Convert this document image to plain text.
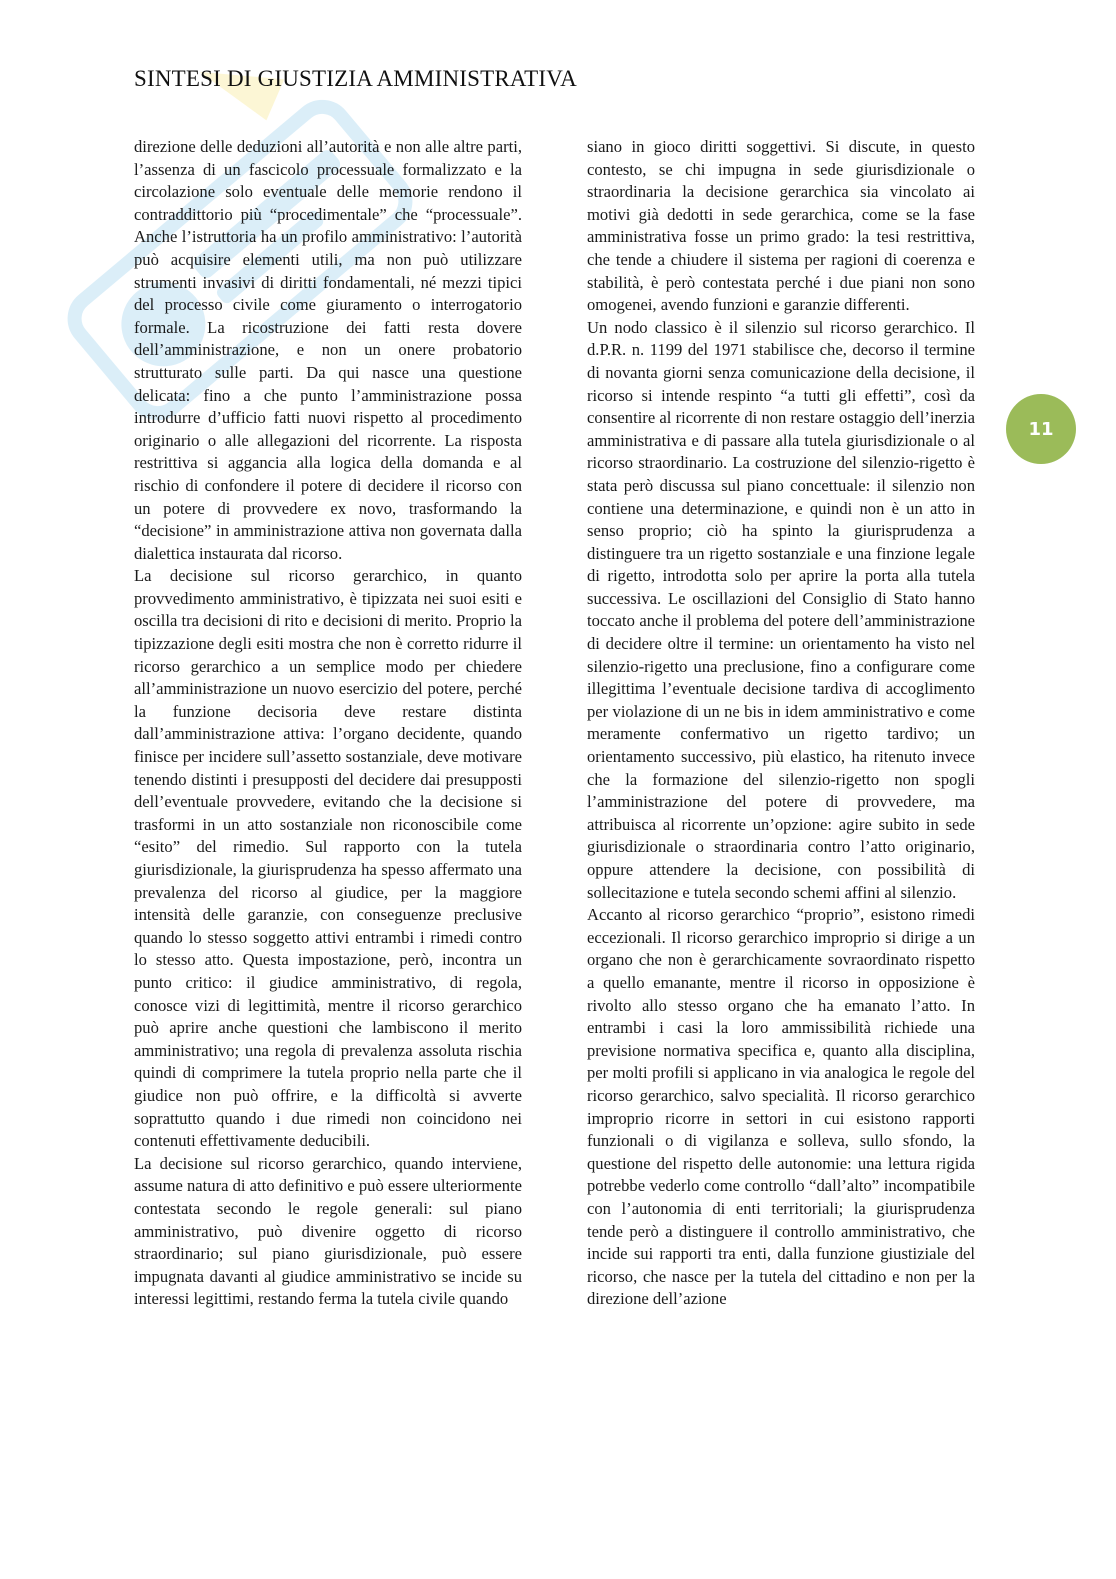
SINTESI DI GIUSTIZIA AMMINISTRATIVA
11

direzione delle deduzioni all’autorità e non alle altre parti, l’assenza di un fascicolo processuale formalizzato e la circolazione solo eventuale delle memorie rendono il contraddittorio più “procedimentale” che “processuale”. Anche l’istruttoria ha un profilo amministrativo: l’autorità può acquisire elementi utili, ma non può utilizzare strumenti invasivi di diritti fondamentali, né mezzi tipici del processo civile come giuramento o interrogatorio formale. La ricostruzione dei fatti resta dovere dell’amministrazione, e non un onere probatorio strutturato sulle parti. Da qui nasce una questione delicata: fino a che punto l’amministrazione possa introdurre d’ufficio fatti nuovi rispetto al procedimento originario o alle allegazioni del ricorrente. La risposta restrittiva si aggancia alla logica della domanda e al rischio di confondere il potere di decidere il ricorso con un potere di provvedere ex novo, trasformando la “decisione” in amministrazione attiva non governata dalla dialettica instaurata dal ricorso.

La decisione sul ricorso gerarchico, in quanto provvedimento amministrativo, è tipizzata nei suoi esiti e oscilla tra decisioni di rito e decisioni di merito. Proprio la tipizzazione degli esiti mostra che non è corretto ridurre il ricorso gerarchico a un semplice modo per chiedere all’amministrazione un nuovo esercizio del potere, perché la funzione decisoria deve restare distinta dall’amministrazione attiva: l’organo decidente, quando finisce per incidere sull’assetto sostanziale, deve motivare tenendo distinti i presupposti del decidere dai presupposti dell’eventuale provvedere, evitando che la decisione si trasformi in un atto sostanziale non riconoscibile come “esito” del rimedio. Sul rapporto con la tutela giurisdizionale, la giurisprudenza ha spesso affermato una prevalenza del ricorso al giudice, per la maggiore intensità delle garanzie, con conseguenze preclusive quando lo stesso soggetto attivi entrambi i rimedi contro lo stesso atto. Questa impostazione, però, incontra un punto critico: il giudice amministrativo, di regola, conosce vizi di legittimità, mentre il ricorso gerarchico può aprire anche questioni che lambiscono il merito amministrativo; una regola di prevalenza assoluta rischia quindi di comprimere la tutela proprio nella parte che il giudice non può offrire, e la difficoltà si avverte soprattutto quando i due rimedi non coincidono nei contenuti effettivamente deducibili.

La decisione sul ricorso gerarchico, quando interviene, assume natura di atto definitivo e può essere ulteriormente contestata secondo le regole generali: sul piano amministrativo, può divenire oggetto di ricorso straordinario; sul piano giurisdizionale, può essere impugnata davanti al giudice amministrativo se incide su interessi legittimi, restando ferma la tutela civile quando

siano in gioco diritti soggettivi. Si discute, in questo contesto, se chi impugna in sede giurisdizionale o straordinaria la decisione gerarchica sia vincolato ai motivi già dedotti in sede gerarchica, come se la fase amministrativa fosse un primo grado: la tesi restrittiva, che tende a chiudere il sistema per ragioni di coerenza e stabilità, è però contestata perché i due piani non sono omogenei, avendo funzioni e garanzie differenti.

Un nodo classico è il silenzio sul ricorso gerarchico. Il d.P.R. n. 1199 del 1971 stabilisce che, decorso il termine di novanta giorni senza comunicazione della decisione, il ricorso si intende respinto “a tutti gli effetti”, così da consentire al ricorrente di non restare ostaggio dell’inerzia amministrativa e di passare alla tutela giurisdizionale o al ricorso straordinario. La costruzione del silenzio-rigetto è stata però discussa sul piano concettuale: il silenzio non contiene una determinazione, e quindi non è un atto in senso proprio; ciò ha spinto la giurisprudenza a distinguere tra un rigetto sostanziale e una finzione legale di rigetto, introdotta solo per aprire la porta alla tutela successiva. Le oscillazioni del Consiglio di Stato hanno toccato anche il problema del potere dell’amministrazione di decidere oltre il termine: un orientamento ha visto nel silenzio-rigetto una preclusione, fino a configurare come illegittima l’eventuale decisione tardiva di accoglimento per violazione di un ne bis in idem amministrativo e come meramente confermativo un rigetto tardivo; un orientamento successivo, più elastico, ha ritenuto invece che la formazione del silenzio-rigetto non spogli l’amministrazione del potere di provvedere, ma attribuisca al ricorrente un’opzione: agire subito in sede giurisdizionale o straordinaria contro l’atto originario, oppure attendere la decisione, con possibilità di sollecitazione e tutela secondo schemi affini al silenzio.

Accanto al ricorso gerarchico “proprio”, esistono rimedi eccezionali. Il ricorso gerarchico improprio si dirige a un organo che non è gerarchicamente sovraordinato rispetto a quello emanante, mentre il ricorso in opposizione è rivolto allo stesso organo che ha emanato l’atto. In entrambi i casi la loro ammissibilità richiede una previsione normativa specifica e, quanto alla disciplina, per molti profili si applicano in via analogica le regole del ricorso gerarchico, salvo specialità. Il ricorso gerarchico improprio ricorre in settori in cui esistono rapporti funzionali o di vigilanza e solleva, sullo sfondo, la questione del rispetto delle autonomie: una lettura rigida potrebbe vederlo come controllo “dall’alto” incompatibile con l’autonomia di enti territoriali; la giurisprudenza tende però a distinguere il controllo amministrativo, che incide sui rapporti tra enti, dalla funzione giustiziale del ricorso, che nasce per la tutela del cittadino e non per la direzione dell’azione
